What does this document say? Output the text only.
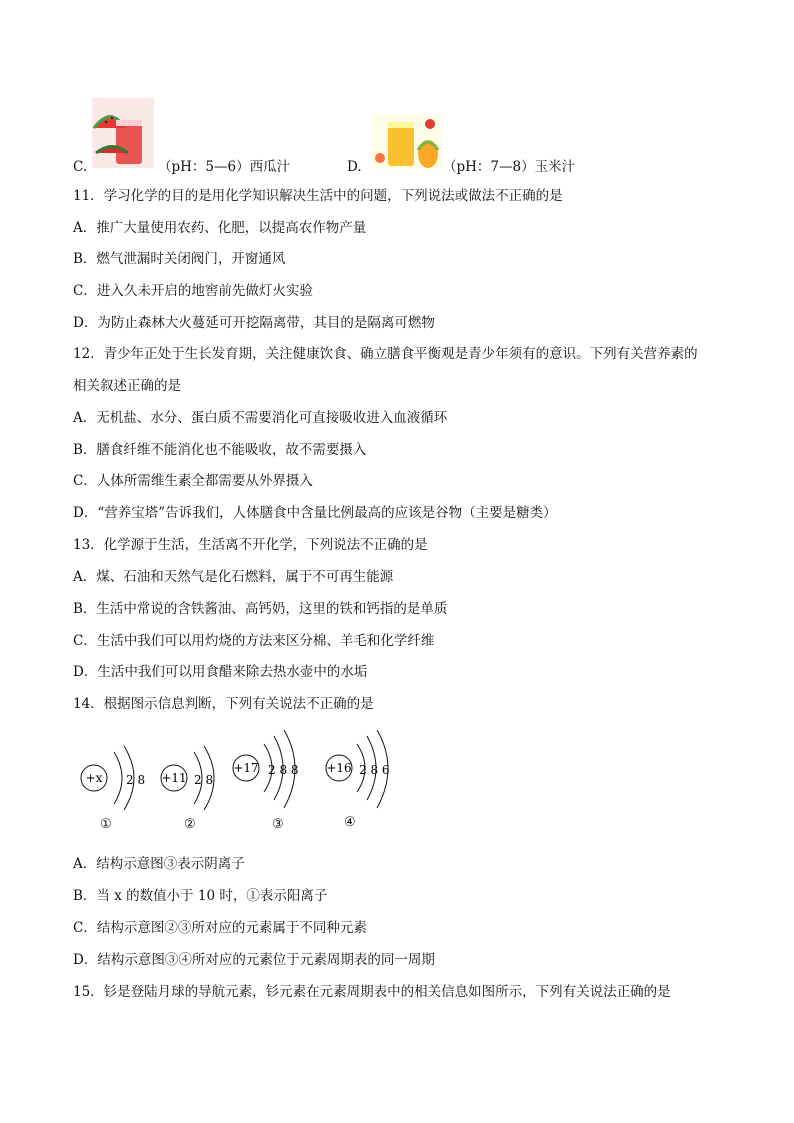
C.	（pH：5—6）西瓜汁	D.	（pH：7—8）玉米汁
11．学习化学的目的是用化学知识解决生活中的问题，下列说法或做法不正确的是
A．推广大量使用农药、化肥，以提高农作物产量
B．燃气泄漏时关闭阀门，开窗通风
C．进入久未开启的地窖前先做灯火实验
D．为防止森林大火蔓延可开挖隔离带，其目的是隔离可燃物
12．青少年正处于生长发育期，关注健康饮食、确立膳食平衡观是青少年须有的意识。下列有关营养素的
相关叙述正确的是
A．无机盐、水分、蛋白质不需要消化可直接吸收进入血液循环
B．膳食纤维不能消化也不能吸收，故不需要摄入
C．人体所需维生素全都需要从外界摄入
D．“营养宝塔”告诉我们，人体膳食中含量比例最高的应该是谷物（主要是糖类）
13．化学源于生活，生活离不开化学，下列说法不正确的是
A．煤、石油和天然气是化石燃料，属于不可再生能源
B．生活中常说的含铁酱油、高钙奶，这里的铁和钙指的是单质
C．生活中我们可以用灼烧的方法来区分棉、羊毛和化学纤维
D．生活中我们可以用食醋来除去热水壶中的水垢
14．根据图示信息判断，下列有关说法不正确的是
+x 2 8 +11 2 8
+17 2 8 8 +16 2 8 6
①	②	③	④
A．结构示意图③表示阴离子
B．当 x 的数值小于 10 时，①表示阳离子
C．结构示意图②③所对应的元素属于不同种元素
D．结构示意图③④所对应的元素位于元素周期表的同一周期
15．钐是登陆月球的导航元素，钐元素在元素周期表中的相关信息如图所示，下列有关说法正确的是
